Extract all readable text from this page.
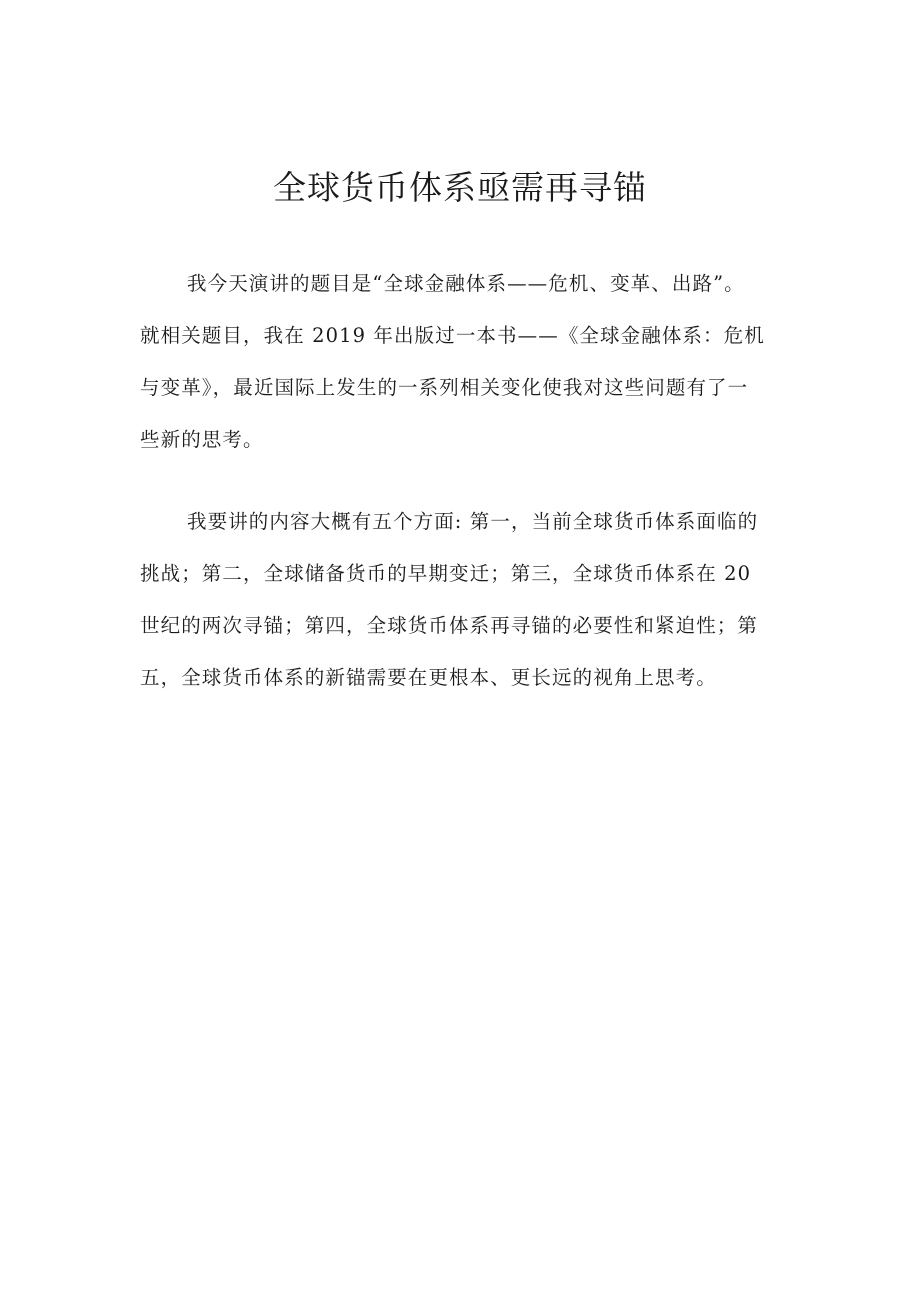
全球货币体系亟需再寻锚

我今天演讲的题目是“全球金融体系——危机、变革、出路”。
就相关题目，我在 2019 年出版过一本书——《全球金融体系：危机
与变革》，最近国际上发生的一系列相关变化使我对这些问题有了一
些新的思考。

我要讲的内容大概有五个方面: 第一，当前全球货币体系面临的
挑战；第二，全球储备货币的早期变迁；第三，全球货币体系在 20
世纪的两次寻锚；第四，全球货币体系再寻锚的必要性和紧迫性；第
五，全球货币体系的新锚需要在更根本、更长远的视角上思考。
